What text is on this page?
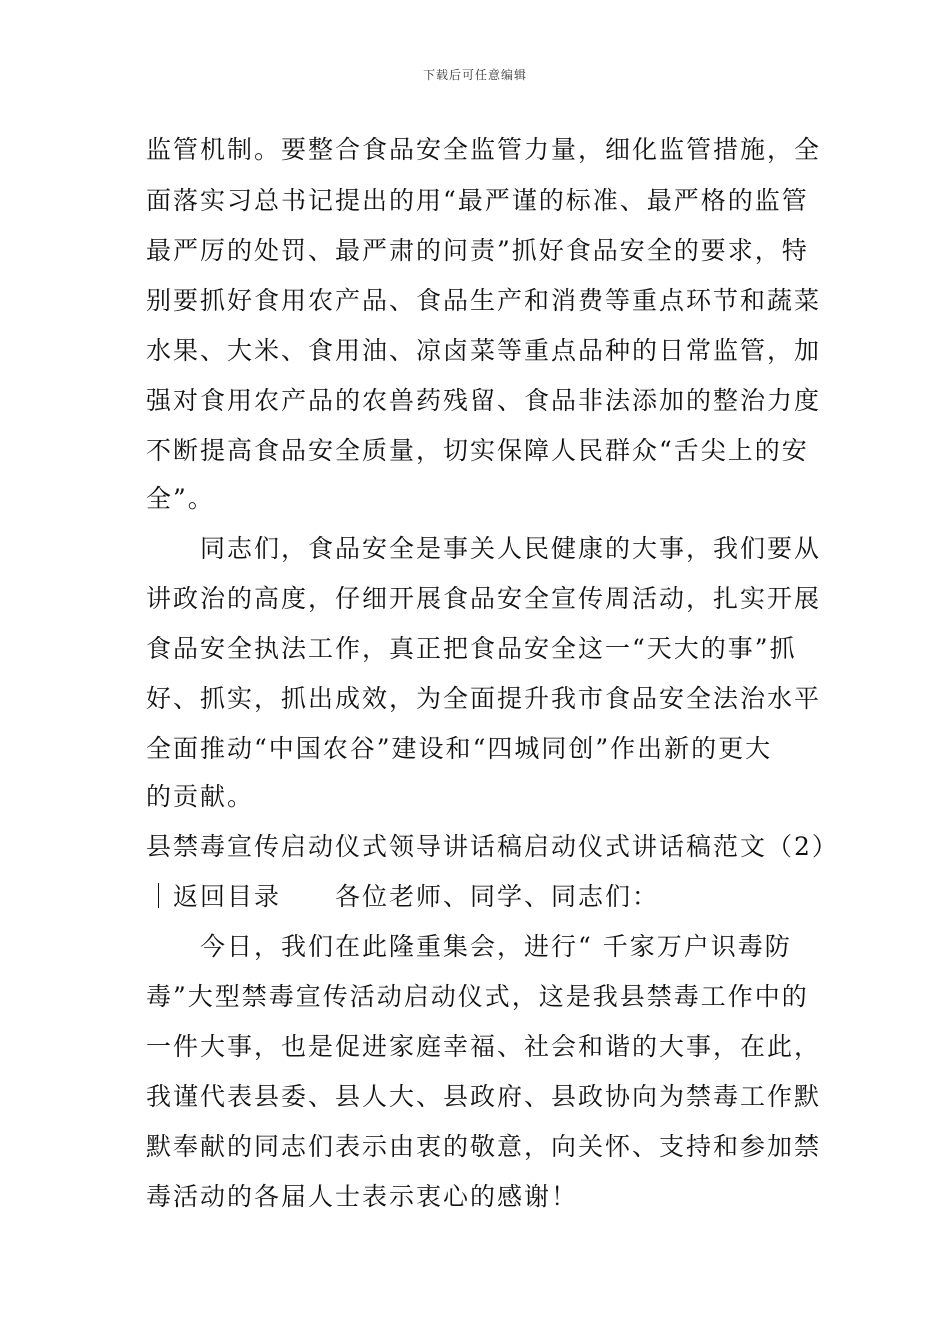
下载后可任意编辑
监管机制。要整合食品安全监管力量，细化监管措施，全
面落实习总书记提出的用“最严谨的标准、最严格的监管
最严厉的处罚、最严肃的问责”抓好食品安全的要求，特
别要抓好食用农产品、食品生产和消费等重点环节和蔬菜
水果、大米、食用油、凉卤菜等重点品种的日常监管，加
强对食用农产品的农兽药残留、食品非法添加的整治力度
不断提高食品安全质量，切实保障人民群众“舌尖上的安
全”。
　　同志们，食品安全是事关人民健康的大事，我们要从
讲政治的高度，仔细开展食品安全宣传周活动，扎实开展
食品安全执法工作，真正把食品安全这一“天大的事”抓
好、抓实，抓出成效，为全面提升我市食品安全法治水平
全面推动“中国农谷”建设和“四城同创”作出新的更大
的贡献。
县禁毒宣传启动仪式领导讲话稿启动仪式讲话稿范文（2）
｜返回目录　　各位老师、同学、同志们：
　　今日，我们在此隆重集会，进行“ 千家万户识毒防
毒”大型禁毒宣传活动启动仪式，这是我县禁毒工作中的
一件大事，也是促进家庭幸福、社会和谐的大事，在此，
我谨代表县委、县人大、县政府、县政协向为禁毒工作默
默奉献的同志们表示由衷的敬意，向关怀、支持和参加禁
毒活动的各届人士表示衷心的感谢！
